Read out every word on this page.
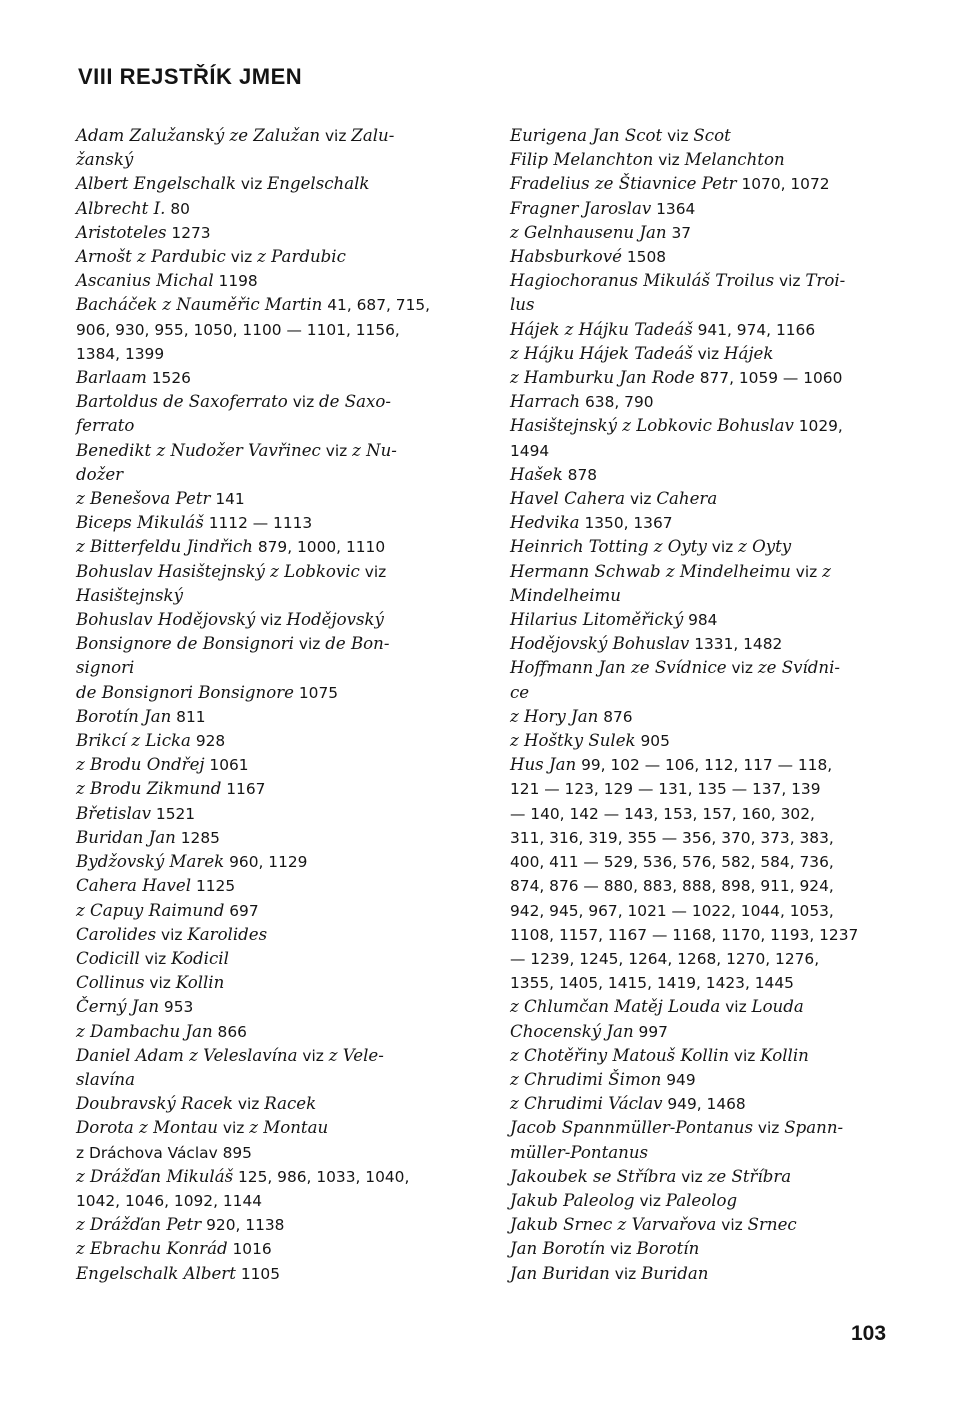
VIII REJSTŘÍK JMEN
Adam Zalužanský ze Zalužan viz Zalu-
žanský
Albert Engelschalk viz Engelschalk
Albrecht I. 80
Aristoteles 1273
Arnošt z Pardubic viz z Pardubic
Ascanius Michal 1198
Bacháček z Nauměřic Martin 41, 687, 715,
906, 930, 955, 1050, 1100 — 1101, 1156,
1384, 1399
Barlaam 1526
Bartoldus de Saxoferrato viz de Saxo-
ferrato
Benedikt z Nudožer Vavřinec viz z Nu-
dožer
z Benešova Petr 141
Biceps Mikuláš 1112 — 1113
z Bitterfeldu Jindřich 879, 1000, 1110
Bohuslav Hasištejnský z Lobkovic viz
Hasištejnský
Bohuslav Hodějovský viz Hodějovský
Bonsignore de Bonsignori viz de Bon-
signori
de Bonsignori Bonsignore 1075
Borotín Jan 811
Brikcí z Licka 928
z Brodu Ondřej 1061
z Brodu Zikmund 1167
Břetislav 1521
Buridan Jan 1285
Bydžovský Marek 960, 1129
Cahera Havel 1125
z Capuy Raimund 697
Carolides viz Karolides
Codicill viz Kodicil
Collinus viz Kollin
Černý Jan 953
z Dambachu Jan 866
Daniel Adam z Veleslavína viz z Vele-
slavína
Doubravský Racek viz Racek
Dorota z Montau viz z Montau
z Dráchova Václav 895
z Drážďan Mikuláš 125, 986, 1033, 1040,
1042, 1046, 1092, 1144
z Drážďan Petr 920, 1138
z Ebrachu Konrád 1016
Engelschalk Albert 1105
Eurigena Jan Scot viz Scot
Filip Melanchton viz Melanchton
Fradelius ze Štiavnice Petr 1070, 1072
Fragner Jaroslav 1364
z Gelnhausenu Jan 37
Habsburkové 1508
Hagiochoranus Mikuláš Troilus viz Troi-
lus
Hájek z Hájku Tadeáš 941, 974, 1166
z Hájku Hájek Tadeáš viz Hájek
z Hamburku Jan Rode 877, 1059 — 1060
Harrach 638, 790
Hasištejnský z Lobkovic Bohuslav 1029,
1494
Hašek 878
Havel Cahera viz Cahera
Hedvika 1350, 1367
Heinrich Totting z Oyty viz z Oyty
Hermann Schwab z Mindelheimu viz z
Mindelheimu
Hilarius Litoměřický 984
Hodějovský Bohuslav 1331, 1482
Hoffmann Jan ze Svídnice viz ze Svídni-
ce
z Hory Jan 876
z Hoštky Sulek 905
Hus Jan 99, 102 — 106, 112, 117 — 118,
121 — 123, 129 — 131, 135 — 137, 139
— 140, 142 — 143, 153, 157, 160, 302,
311, 316, 319, 355 — 356, 370, 373, 383,
400, 411 — 529, 536, 576, 582, 584, 736,
874, 876 — 880, 883, 888, 898, 911, 924,
942, 945, 967, 1021 — 1022, 1044, 1053,
1108, 1157, 1167 — 1168, 1170, 1193, 1237
— 1239, 1245, 1264, 1268, 1270, 1276,
1355, 1405, 1415, 1419, 1423, 1445
z Chlumčan Matěj Louda viz Louda
Chocenský Jan 997
z Chotěřiny Matouš Kollin viz Kollin
z Chrudimi Šimon 949
z Chrudimi Václav 949, 1468
Jacob Spannmüller-Pontanus viz Spann-
müller-Pontanus
Jakoubek se Stříbra viz ze Stříbra
Jakub Paleolog viz Paleolog
Jakub Srnec z Varvařova viz Srnec
Jan Borotín viz Borotín
Jan Buridan viz Buridan
103
